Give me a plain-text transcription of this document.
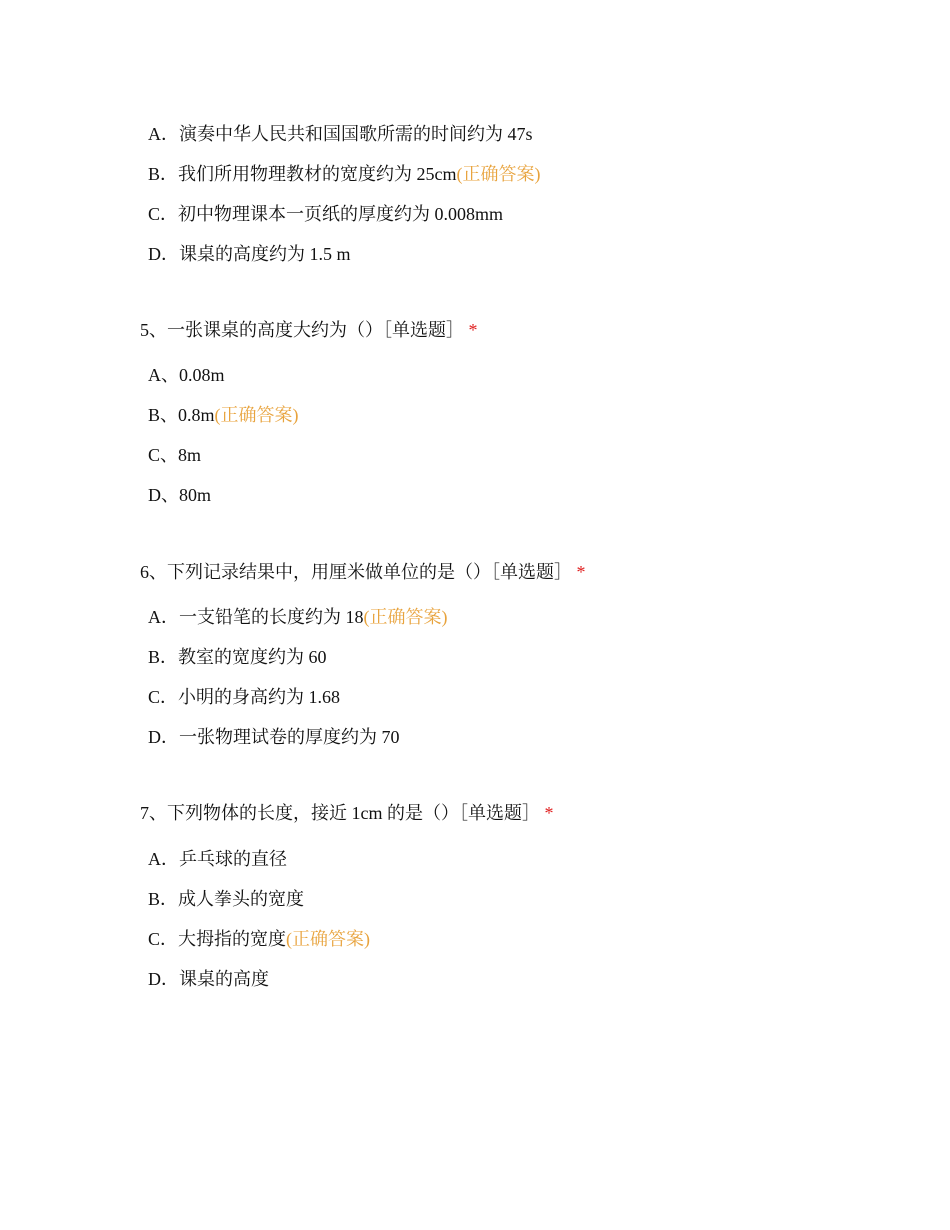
A．演奏中华人民共和国国歌所需的时间约为 47s
B．我们所用物理教材的宽度约为 25cm(正确答案)
C．初中物理课本一页纸的厚度约为 0.008mm
D．课桌的高度约为 1.5 m
5、一张课桌的高度大约为（）［单选题］ *
A、0.08m
B、0.8m(正确答案)
C、8m
D、80m
6、下列记录结果中，用厘米做单位的是（）［单选题］ *
A．一支铅笔的长度约为 18(正确答案)
B．教室的宽度约为 60
C．小明的身高约为 1.68
D．一张物理试卷的厚度约为 70
7、下列物体的长度，接近 1cm 的是（）［单选题］ *
A．乒乓球的直径
B．成人拳头的宽度
C．大拇指的宽度(正确答案)
D．课桌的高度
